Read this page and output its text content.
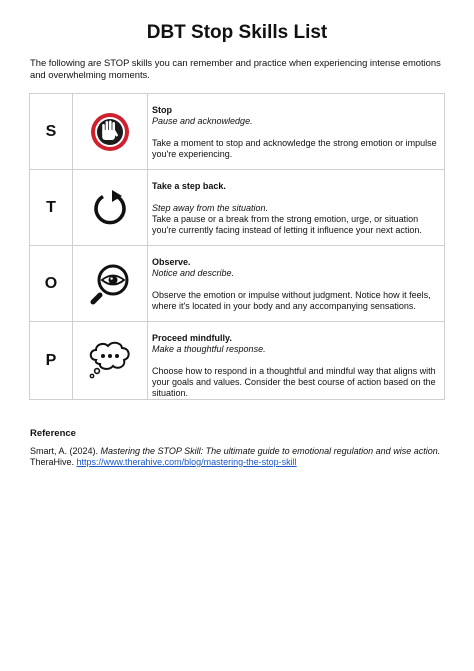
DBT Stop Skills List
The following are STOP skills you can remember and practice when experiencing intense emotions and overwhelming moments.
S		Stop
Pause and acknowledge.
Take a moment to stop and acknowledge the strong emotion or impulse you're experiencing.

T		Take a step back.
Step away from the situation.
Take a pause or a break from the strong emotion, urge, or situation you're currently facing instead of letting it influence your next action.

O		Observe.
Notice and describe.
Observe the emotion or impulse without judgment. Notice how it feels, where it's located in your body and any accompanying sensations.

P		Proceed mindfully.
Make a thoughtful response.
Choose how to respond in a thoughtful and mindful way that aligns with your goals and values. Consider the best course of action based on the situation.
Reference
Smart, A. (2024). Mastering the STOP Skill: The ultimate guide to emotional regulation and wise action. TheraHive. https://www.therahive.com/blog/mastering-the-stop-skill
